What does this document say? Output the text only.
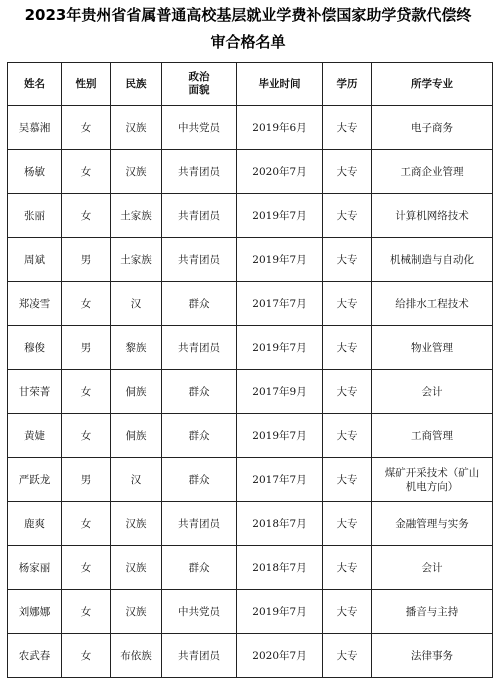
2023年贵州省省属普通高校基层就业学费补偿国家助学贷款代偿终
审合格名单
姓名	性别	民族	政治面貌	毕业时间	学历	所学专业
吴慕湘	女	汉族	中共党员	2019年6月	大专	电子商务

杨敏	女	汉族	共青团员	2020年7月	大专	工商企业管理

张丽	女	土家族	共青团员	2019年7月	大专	计算机网络技术

周斌	男	土家族	共青团员	2019年7月	大专	机械制造与自动化

郑凌雪	女	汉	群众	2017年7月	大专	给排水工程技术

穆俊	男	黎族	共青团员	2019年7月	大专	物业管理

甘荣菁	女	侗族	群众	2017年9月	大专	会计

黄婕	女	侗族	群众	2019年7月	大专	工商管理

严跃龙	男	汉	群众	2017年7月	大专	煤矿开采技术（矿山机电方向）

鹿爽	女	汉族	共青团员	2018年7月	大专	金融管理与实务

杨家丽	女	汉族	群众	2018年7月	大专	会计

刘娜娜	女	汉族	中共党员	2019年7月	大专	播音与主持

农武春	女	布依族	共青团员	2020年7月	大专	法律事务
